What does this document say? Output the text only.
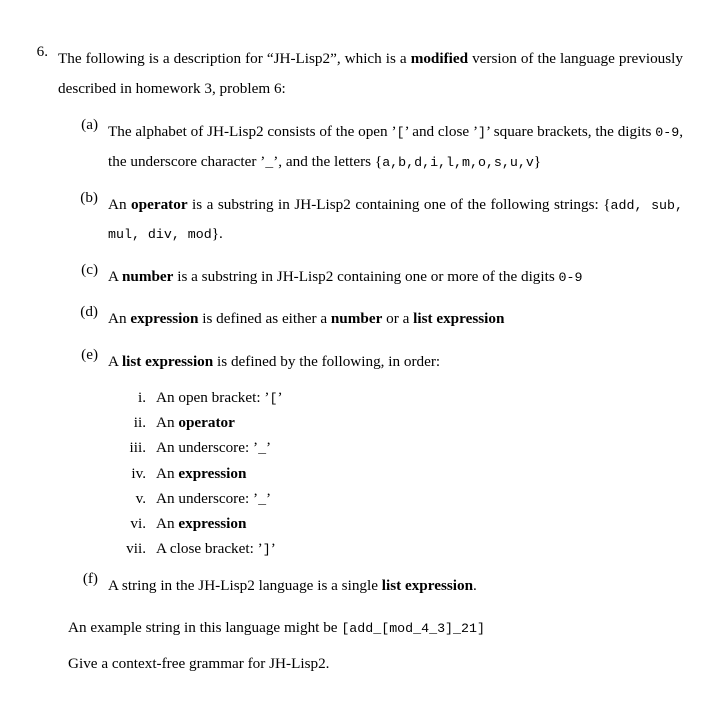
6. The following is a description for “JH-Lisp2”, which is a modified version of the language previously described in homework 3, problem 6:
(a) The alphabet of JH-Lisp2 consists of the open ’[’ and close ’]’ square brackets, the digits 0-9, the underscore character ’_’, and the letters {a,b,d,i,l,m,o,s,u,v}
(b) An operator is a substring in JH-Lisp2 containing one of the following strings: {add, sub, mul, div, mod}.
(c) A number is a substring in JH-Lisp2 containing one or more of the digits 0-9
(d) An expression is defined as either a number or a list expression
(e) A list expression is defined by the following, in order:
i. An open bracket: ’[’
ii. An operator
iii. An underscore: ’_’
iv. An expression
v. An underscore: ’_’
vi. An expression
vii. A close bracket: ’]’
(f) A string in the JH-Lisp2 language is a single list expression.
An example string in this language might be [add_[mod_4_3]_21]
Give a context-free grammar for JH-Lisp2.
